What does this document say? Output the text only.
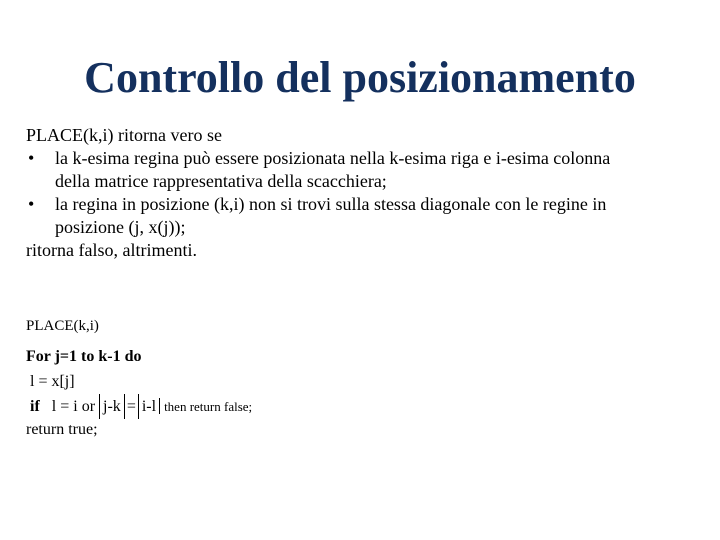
Controllo del posizionamento
PLACE(k,i) ritorna vero se
•	la k-esima regina può essere posizionata nella k-esima riga e i-esima colonna
della matrice rappresentativa della scacchiera;
•	la regina in posizione (k,i) non si trovi sulla stessa diagonale con le regine in
posizione (j, x(j));
ritorna falso, altrimenti.
PLACE(k,i)
For j=1 to k-1 do
l = x[j]
if l = i or j-k = i-l then return false;
return true;
